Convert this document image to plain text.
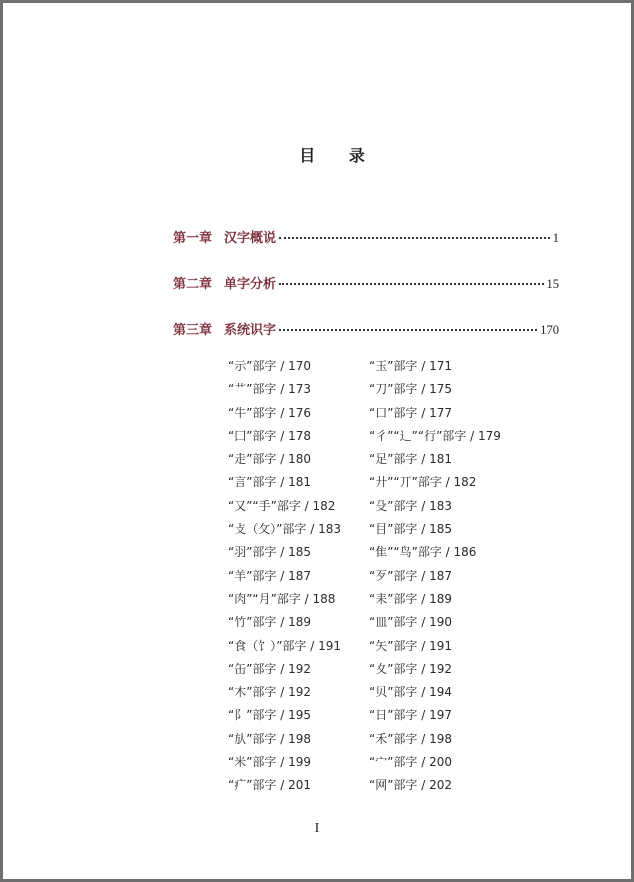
目 录
第一章 汉字概说	1
第二章 单字分析	15
第三章 系统识字	170
“示”部字 / 170	“玉”部字 / 171
“艹”部字 / 173	“刀”部字 / 175
“牛”部字 / 176	“口”部字 / 177
“囗”部字 / 178	“彳”“辶”“行”部字 / 179
“走”部字 / 180	“足”部字 / 181
“言”部字 / 181	“廾”“丌”部字 / 182
“又”“手”部字 / 182	“殳”部字 / 183
“攴（攵）”部字 / 183	“目”部字 / 185
“羽”部字 / 185	“隹”“鸟”部字 / 186
“羊”部字 / 187	“歹”部字 / 187
“肉”“月”部字 / 188	“耒”部字 / 189
“竹”部字 / 189	“皿”部字 / 190
“食（饣）”部字 / 191	“矢”部字 / 191
“缶”部字 / 192	“夊”部字 / 192
“木”部字 / 192	“贝”部字 / 194
“阝”部字 / 195	“日”部字 / 197
“㫃”部字 / 198	“禾”部字 / 198
“米”部字 / 199	“宀”部字 / 200
“疒”部字 / 201	“网”部字 / 202
I
